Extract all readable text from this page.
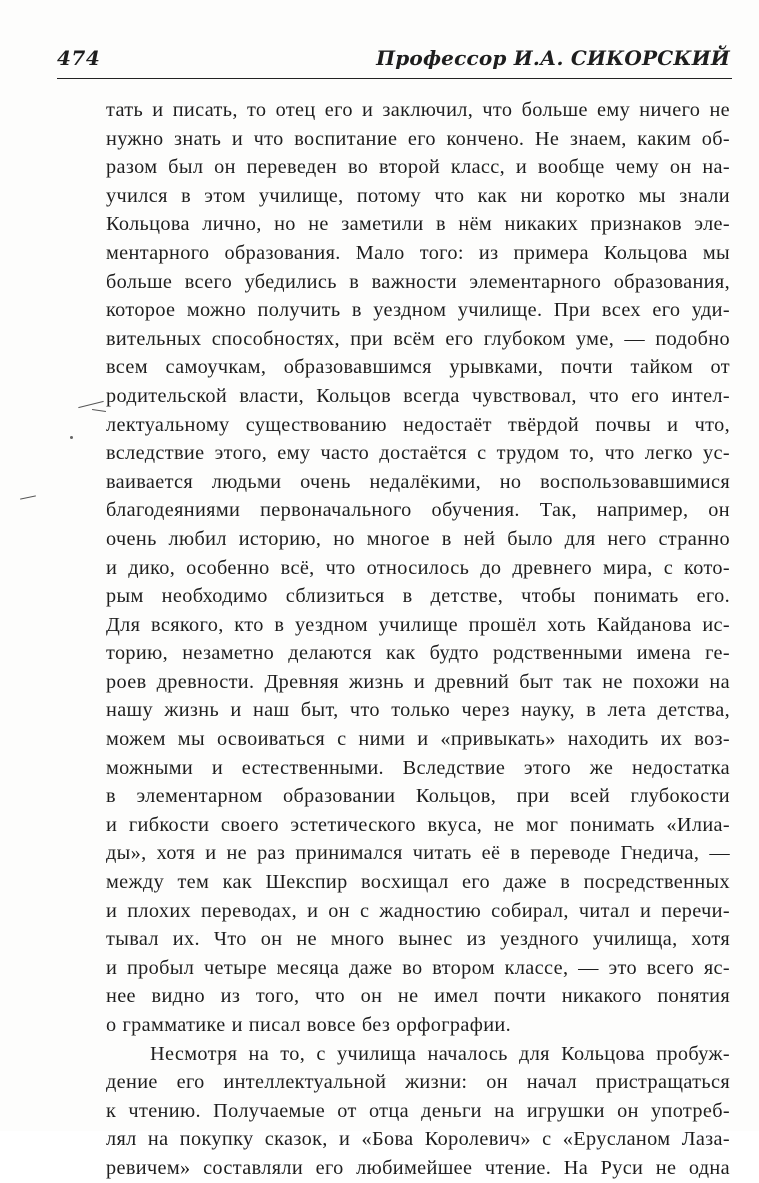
474	Профессор И.А. СИКОРСКИЙ
тать и писать, то отец его и заключил, что больше ему ничего не
нужно знать и что воспитание его кончено. Не знаем, каким об-
разом был он переведен во второй класс, и вообще чему он на-
учился в этом училище, потому что как ни коротко мы знали
Кольцова лично, но не заметили в нём никаких признаков эле-
ментарного образования. Мало того: из примера Кольцова мы
больше всего убедились в важности элементарного образования,
которое можно получить в уездном училище. При всех его уди-
вительных способностях, при всём его глубоком уме, — подобно
всем самоучкам, образовавшимся урывками, почти тайком от
родительской власти, Кольцов всегда чувствовал, что его интел-
лектуальному существованию недостаёт твёрдой почвы и что,
вследствие этого, ему часто достаётся с трудом то, что легко ус-
ваивается людьми очень недалёкими, но воспользовавшимися
благодеяниями первоначального обучения. Так, например, он
очень любил историю, но многое в ней было для него странно
и дико, особенно всё, что относилось до древнего мира, с кото-
рым необходимо сблизиться в детстве, чтобы понимать его.
Для всякого, кто в уездном училище прошёл хоть Кайданова ис-
торию, незаметно делаются как будто родственными имена ге-
роев древности. Древняя жизнь и древний быт так не похожи на
нашу жизнь и наш быт, что только через науку, в лета детства,
можем мы освоиваться с ними и «привыкать» находить их воз-
можными и естественными. Вследствие этого же недостатка
в элементарном образовании Кольцов, при всей глубокости
и гибкости своего эстетического вкуса, не мог понимать «Илиа-
ды», хотя и не раз принимался читать её в переводе Гнедича, —
между тем как Шекспир восхищал его даже в посредственных
и плохих переводах, и он с жадностию собирал, читал и перечи-
тывал их. Что он не много вынес из уездного училища, хотя
и пробыл четыре месяца даже во втором классе, — это всего яс-
нее видно из того, что он не имел почти никакого понятия
о грамматике и писал вовсе без орфографии.
Несмотря на то, с училища началось для Кольцова пробуж-
дение его интеллектуальной жизни: он начал пристращаться
к чтению. Получаемые от отца деньги на игрушки он употреб-
лял на покупку сказок, и «Бова Королевич» с «Еруcланом Лаза-
ревичем» составляли его любимейшее чтение. На Руси не одна
